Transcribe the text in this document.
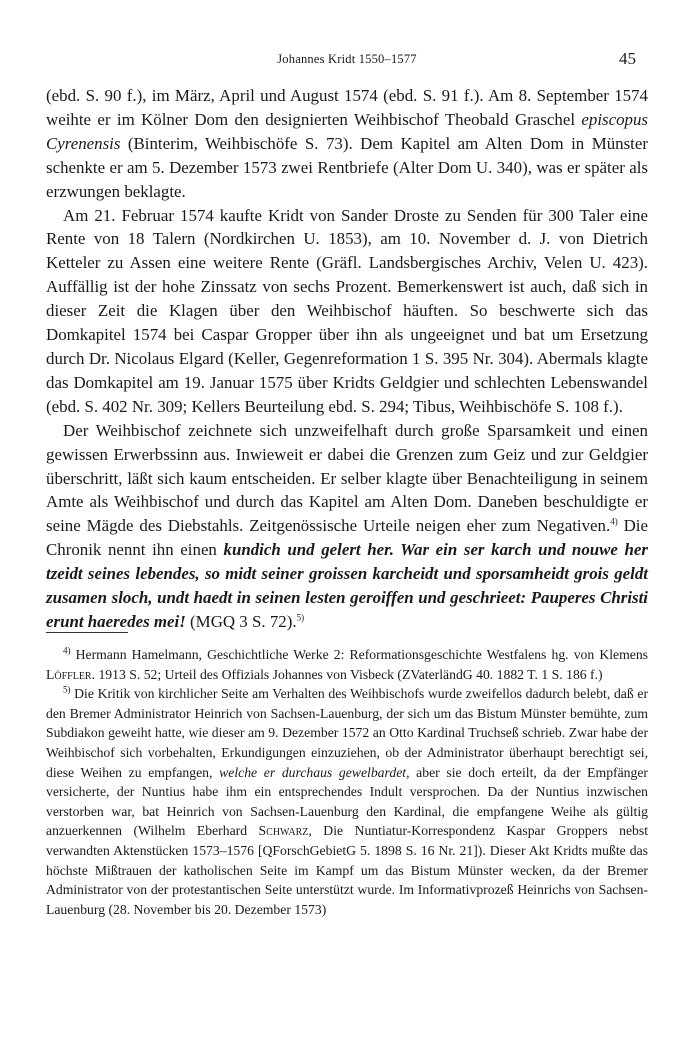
Johannes Kridt 1550–1577	45

(ebd. S. 90 f.), im März, April und August 1574 (ebd. S. 91 f.). Am 8. September 1574 weihte er im Kölner Dom den designierten Weihbischof Theobald Graschel episcopus Cyrenensis (Binterim, Weihbischöfe S. 73). Dem Kapitel am Alten Dom in Münster schenkte er am 5. Dezember 1573 zwei Rentbriefe (Alter Dom U. 340), was er später als erzwungen beklagte.

Am 21. Februar 1574 kaufte Kridt von Sander Droste zu Senden für 300 Taler eine Rente von 18 Talern (Nordkirchen U. 1853), am 10. November d. J. von Dietrich Ketteler zu Assen eine weitere Rente (Gräfl. Landsbergisches Archiv, Velen U. 423). Auffällig ist der hohe Zinssatz von sechs Prozent. Bemerkenswert ist auch, daß sich in dieser Zeit die Klagen über den Weihbischof häuften. So beschwerte sich das Domkapitel 1574 bei Caspar Gropper über ihn als ungeeignet und bat um Ersetzung durch Dr. Nicolaus Elgard (Keller, Gegenreformation 1 S. 395 Nr. 304). Abermals klagte das Domkapitel am 19. Januar 1575 über Kridts Geldgier und schlechten Lebenswandel (ebd. S. 402 Nr. 309; Kellers Beurteilung ebd. S. 294; Tibus, Weihbischöfe S. 108 f.).

Der Weihbischof zeichnete sich unzweifelhaft durch große Sparsamkeit und einen gewissen Erwerbssinn aus. Inwieweit er dabei die Grenzen zum Geiz und zur Geldgier überschritt, läßt sich kaum entscheiden. Er selber klagte über Benachteiligung in seinem Amte als Weihbischof und durch das Kapitel am Alten Dom. Daneben beschuldigte er seine Mägde des Diebstahls. Zeitgenössische Urteile neigen eher zum Negativen.$^{4)}$ Die Chronik nennt ihn einen kundich und gelert her. War ein ser karch und nouwe her tzeidt seines lebendes, so midt seiner groissen karcheidt und sporsamheidt grois geldt zusamen sloch, undt haedt in seinen lesten geroiffen und geschrieet: Pauperes Christi erunt haeredes mei! (MGQ 3 S. 72).$^{5)}$

$^{4)}$ Hermann Hamelmann, Geschichtliche Werke 2: Reformationsgeschichte Westfalens hg. von Klemens Löffler. 1913 S. 52; Urteil des Offizials Johannes von Visbeck (ZVaterländG 40. 1882 T. 1 S. 186 f.)

$^{5)}$ Die Kritik von kirchlicher Seite am Verhalten des Weihbischofs wurde zweifellos dadurch belebt, daß er den Bremer Administrator Heinrich von Sachsen-Lauenburg, der sich um das Bistum Münster bemühte, zum Subdiakon geweiht hatte, wie dieser am 9. Dezember 1572 an Otto Kardinal Truchseß schrieb. Zwar habe der Weihbischof sich vorbehalten, Erkundigungen einzuziehen, ob der Administrator überhaupt berechtigt sei, diese Weihen zu empfangen, welche er durchaus gewelbardet, aber sie doch erteilt, da der Empfänger versicherte, der Nuntius habe ihm ein entsprechendes Indult versprochen. Da der Nuntius inzwischen verstorben war, bat Heinrich von Sachsen-Lauenburg den Kardinal, die empfangene Weihe als gültig anzuerkennen (Wilhelm Eberhard Schwarz, Die Nuntiatur-Korrespondenz Kaspar Groppers nebst verwandten Aktenstücken 1573–1576 [QForschGebietG 5. 1898 S. 16 Nr. 21]). Dieser Akt Kridts mußte das höchste Mißtrauen der katholischen Seite im Kampf um das Bistum Münster wecken, da der Bremer Administrator von der protestantischen Seite unterstützt wurde. Im Informativprozeß Heinrichs von Sachsen-Lauenburg (28. November bis 20. Dezember 1573)
